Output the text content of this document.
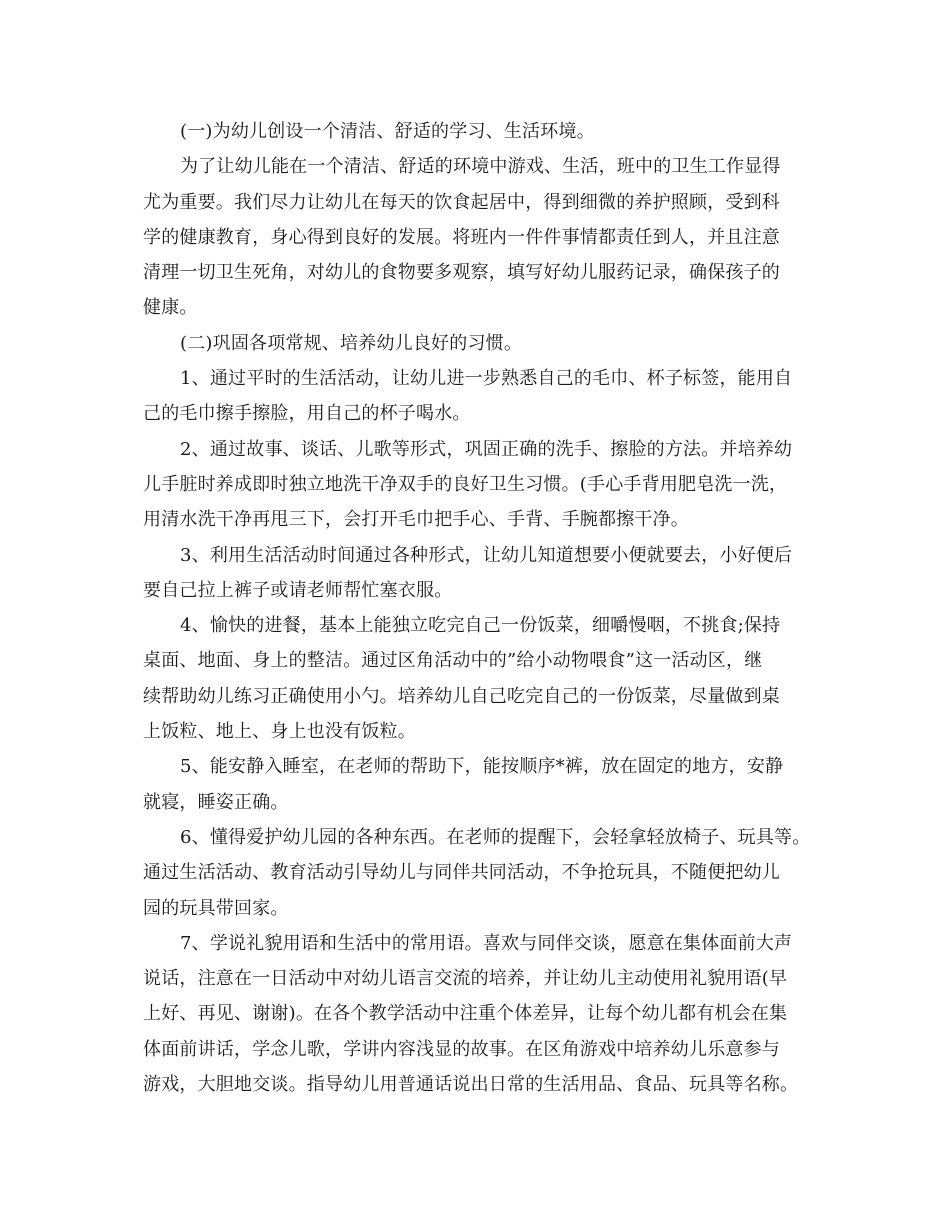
(一)为幼儿创设一个清洁、舒适的学习、生活环境。

为了让幼儿能在一个清洁、舒适的环境中游戏、生活，班中的卫生工作显得

尤为重要。我们尽力让幼儿在每天的饮食起居中，得到细微的养护照顾，受到科

学的健康教育，身心得到良好的发展。将班内一件件事情都责任到人，并且注意

清理一切卫生死角，对幼儿的食物要多观察，填写好幼儿服药记录，确保孩子的

健康。

(二)巩固各项常规、培养幼儿良好的习惯。

1、通过平时的生活活动，让幼儿进一步熟悉自己的毛巾、杯子标签，能用自

己的毛巾擦手擦脸，用自己的杯子喝水。

2、通过故事、谈话、儿歌等形式，巩固正确的洗手、擦脸的方法。并培养幼

儿手脏时养成即时独立地洗干净双手的良好卫生习惯。(手心手背用肥皂洗一洗，

用清水洗干净再甩三下，会打开毛巾把手心、手背、手腕都擦干净。

3、利用生活活动时间通过各种形式，让幼儿知道想要小便就要去，小好便后

要自己拉上裤子或请老师帮忙塞衣服。

4、愉快的进餐，基本上能独立吃完自己一份饭菜，细嚼慢咽，不挑食;保持

桌面、地面、身上的整洁。通过区角活动中的”给小动物喂食”这一活动区，继

续帮助幼儿练习正确使用小勺。培养幼儿自己吃完自己的一份饭菜，尽量做到桌

上饭粒、地上、身上也没有饭粒。

5、能安静入睡室，在老师的帮助下，能按顺序*裤，放在固定的地方，安静

就寝，睡姿正确。

6、懂得爱护幼儿园的各种东西。在老师的提醒下，会轻拿轻放椅子、玩具等。

通过生活活动、教育活动引导幼儿与同伴共同活动，不争抢玩具，不随便把幼儿

园的玩具带回家。

7、学说礼貌用语和生活中的常用语。喜欢与同伴交谈，愿意在集体面前大声

说话，注意在一日活动中对幼儿语言交流的培养，并让幼儿主动使用礼貌用语(早

上好、再见、谢谢)。在各个教学活动中注重个体差异，让每个幼儿都有机会在集

体面前讲话，学念儿歌，学讲内容浅显的故事。在区角游戏中培养幼儿乐意参与

游戏，大胆地交谈。指导幼儿用普通话说出日常的生活用品、食品、玩具等名称。
